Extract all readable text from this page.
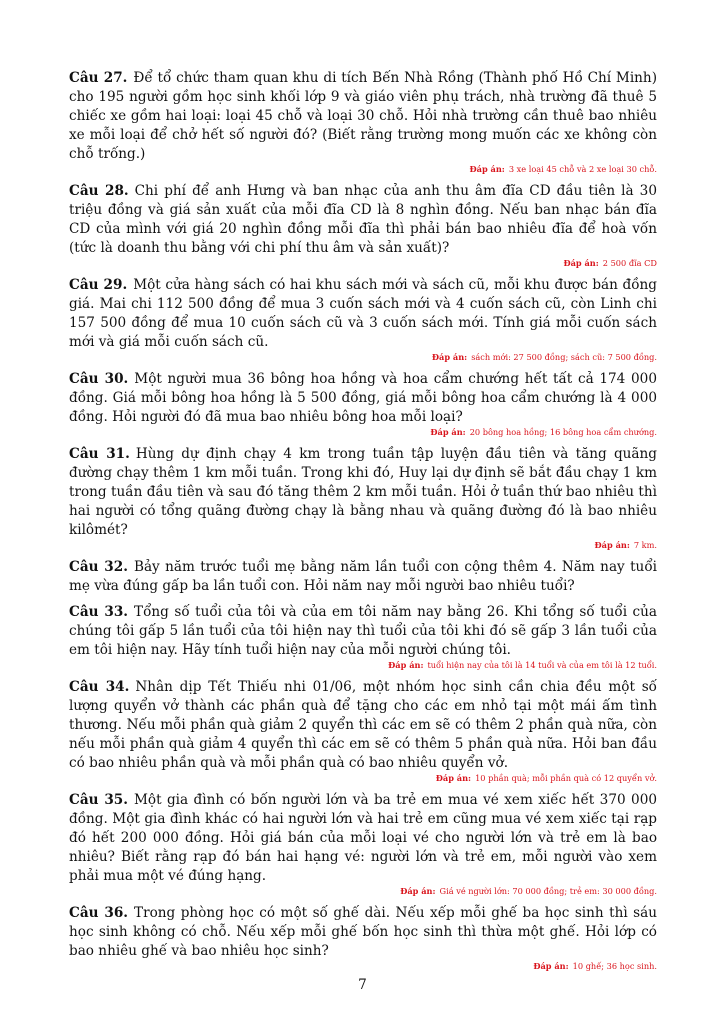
Câu 27. Để tổ chức tham quan khu di tích Bến Nhà Rồng (Thành phố Hồ Chí Minh) cho 195 người gồm học sinh khối lớp 9 và giáo viên phụ trách, nhà trường đã thuê 5 chiếc xe gồm hai loại: loại 45 chỗ và loại 30 chỗ. Hỏi nhà trường cần thuê bao nhiêu xe mỗi loại để chở hết số người đó? (Biết rằng trường mong muốn các xe không còn chỗ trống.)

Đáp án: 3 xe loại 45 chỗ và 2 xe loại 30 chỗ.

Câu 28. Chi phí để anh Hưng và ban nhạc của anh thu âm đĩa CD đầu tiên là 30 triệu đồng và giá sản xuất của mỗi đĩa CD là 8 nghìn đồng. Nếu ban nhạc bán đĩa CD của mình với giá 20 nghìn đồng mỗi đĩa thì phải bán bao nhiêu đĩa để hoà vốn (tức là doanh thu bằng với chi phí thu âm và sản xuất)?

Đáp án: 2 500 đĩa CD

Câu 29. Một cửa hàng sách có hai khu sách mới và sách cũ, mỗi khu được bán đồng giá. Mai chi 112 500 đồng để mua 3 cuốn sách mới và 4 cuốn sách cũ, còn Linh chi 157 500 đồng để mua 10 cuốn sách cũ và 3 cuốn sách mới. Tính giá mỗi cuốn sách mới và giá mỗi cuốn sách cũ.

Đáp án: sách mới: 27 500 đồng; sách cũ: 7 500 đồng.

Câu 30. Một người mua 36 bông hoa hồng và hoa cẩm chướng hết tất cả 174 000 đồng. Giá mỗi bông hoa hồng là 5 500 đồng, giá mỗi bông hoa cẩm chướng là 4 000 đồng. Hỏi người đó đã mua bao nhiêu bông hoa mỗi loại?

Đáp án: 20 bông hoa hồng; 16 bông hoa cẩm chướng.

Câu 31. Hùng dự định chạy 4 km trong tuần tập luyện đầu tiên và tăng quãng đường chạy thêm 1 km mỗi tuần. Trong khi đó, Huy lại dự định sẽ bắt đầu chạy 1 km trong tuần đầu tiên và sau đó tăng thêm 2 km mỗi tuần. Hỏi ở tuần thứ bao nhiêu thì hai người có tổng quãng đường chạy là bằng nhau và quãng đường đó là bao nhiêu kilômét?

Đáp án: 7 km.

Câu 32. Bảy năm trước tuổi mẹ bằng năm lần tuổi con cộng thêm 4. Năm nay tuổi mẹ vừa đúng gấp ba lần tuổi con. Hỏi năm nay mỗi người bao nhiêu tuổi?

Câu 33. Tổng số tuổi của tôi và của em tôi năm nay bằng 26. Khi tổng số tuổi của chúng tôi gấp 5 lần tuổi của tôi hiện nay thì tuổi của tôi khi đó sẽ gấp 3 lần tuổi của em tôi hiện nay. Hãy tính tuổi hiện nay của mỗi người chúng tôi.

Đáp án: tuổi hiện nay của tôi là 14 tuổi và của em tôi là 12 tuổi.

Câu 34. Nhân dịp Tết Thiếu nhi 01/06, một nhóm học sinh cần chia đều một số lượng quyển vở thành các phần quà để tặng cho các em nhỏ tại một mái ấm tình thương. Nếu mỗi phần quà giảm 2 quyển thì các em sẽ có thêm 2 phần quà nữa, còn nếu mỗi phần quà giảm 4 quyển thì các em sẽ có thêm 5 phần quà nữa. Hỏi ban đầu có bao nhiêu phần quà và mỗi phần quà có bao nhiêu quyển vở.

Đáp án: 10 phần quà; mỗi phần quà có 12 quyển vở.

Câu 35. Một gia đình có bốn người lớn và ba trẻ em mua vé xem xiếc hết 370 000 đồng. Một gia đình khác có hai người lớn và hai trẻ em cũng mua vé xem xiếc tại rạp đó hết 200 000 đồng. Hỏi giá bán của mỗi loại vé cho người lớn và trẻ em là bao nhiêu? Biết rằng rạp đó bán hai hạng vé: người lớn và trẻ em, mỗi người vào xem phải mua một vé đúng hạng.

Đáp án: Giá vé người lớn: 70 000 đồng; trẻ em: 30 000 đồng.

Câu 36. Trong phòng học có một số ghế dài. Nếu xếp mỗi ghế ba học sinh thì sáu học sinh không có chỗ. Nếu xếp mỗi ghế bốn học sinh thì thừa một ghế. Hỏi lớp có bao nhiêu ghế và bao nhiêu học sinh?

Đáp án: 10 ghế; 36 học sinh.

7
